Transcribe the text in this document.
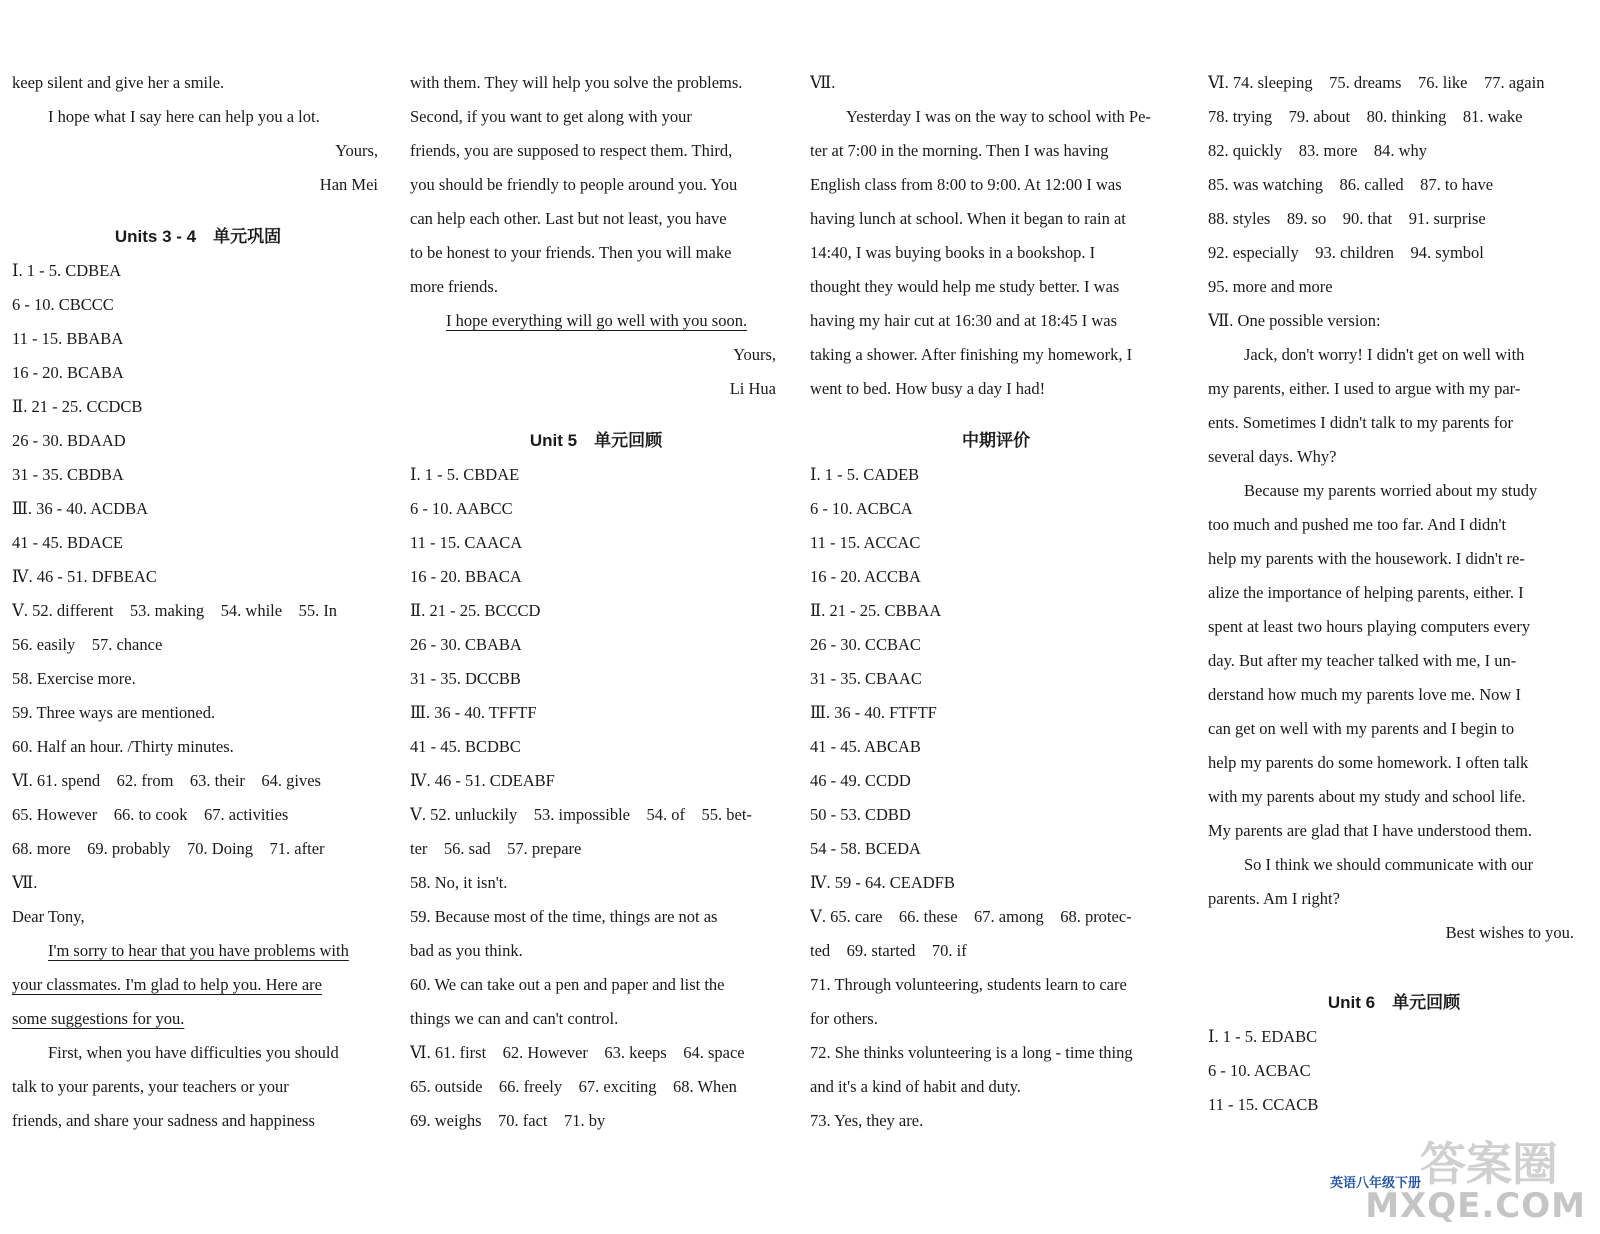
keep silent and give her a smile.
I hope what I say here can help you a lot.
Yours,
Han Mei
Units 3 - 4　单元巩固
Ⅰ. 1 - 5. CDBEA
6 - 10. CBCCC
11 - 15. BBABA
16 - 20. BCABA
Ⅱ. 21 - 25. CCDCB
26 - 30. BDAAD
31 - 35. CBDBA
Ⅲ. 36 - 40. ACDBA
41 - 45. BDACE
Ⅳ. 46 - 51. DFBEAC
Ⅴ. 52. different　53. making　54. while　55. In
56. easily　57. chance
58. Exercise more.
59. Three ways are mentioned.
60. Half an hour. /Thirty minutes.
Ⅵ. 61. spend　62. from　63. their　64. gives
65. However　66. to cook　67. activities
68. more　69. probably　70. Doing　71. after
Ⅶ.
Dear Tony,
I'm sorry to hear that you have problems with
your classmates. I'm glad to help you. Here are
some suggestions for you.
First, when you have difficulties you should
talk to your parents, your teachers or your
friends, and share your sadness and happiness
with them. They will help you solve the problems.
Second, if you want to get along with your
friends, you are supposed to respect them. Third,
you should be friendly to people around you. You
can help each other. Last but not least, you have
to be honest to your friends. Then you will make
more friends.
I hope everything will go well with you soon.
Yours,
Li Hua
Unit 5　单元回顾
Ⅰ. 1 - 5. CBDAE
6 - 10. AABCC
11 - 15. CAACA
16 - 20. BBACA
Ⅱ. 21 - 25. BCCCD
26 - 30. CBABA
31 - 35. DCCBB
Ⅲ. 36 - 40. TFFTF
41 - 45. BCDBC
Ⅳ. 46 - 51. CDEABF
Ⅴ. 52. unluckily　53. impossible　54. of　55. bet-
ter　56. sad　57. prepare
58. No, it isn't.
59. Because most of the time, things are not as
bad as you think.
60. We can take out a pen and paper and list the
things we can and can't control.
Ⅵ. 61. first　62. However　63. keeps　64. space
65. outside　66. freely　67. exciting　68. When
69. weighs　70. fact　71. by
Ⅶ.
Yesterday I was on the way to school with Pe-
ter at 7:00 in the morning. Then I was having
English class from 8:00 to 9:00. At 12:00 I was
having lunch at school. When it began to rain at
14:40, I was buying books in a bookshop. I
thought they would help me study better. I was
having my hair cut at 16:30 and at 18:45 I was
taking a shower. After finishing my homework, I
went to bed. How busy a day I had!
中期评价
Ⅰ. 1 - 5. CADEB
6 - 10. ACBCA
11 - 15. ACCAC
16 - 20. ACCBA
Ⅱ. 21 - 25. CBBAA
26 - 30. CCBAC
31 - 35. CBAAC
Ⅲ. 36 - 40. FTFTF
41 - 45. ABCAB
46 - 49. CCDD
50 - 53. CDBD
54 - 58. BCEDA
Ⅳ. 59 - 64. CEADFB
Ⅴ. 65. care　66. these　67. among　68. protec-
ted　69. started　70. if
71. Through volunteering, students learn to care
for others.
72. She thinks volunteering is a long - time thing
and it's a kind of habit and duty.
73. Yes, they are.
Ⅵ. 74. sleeping　75. dreams　76. like　77. again
78. trying　79. about　80. thinking　81. wake
82. quickly　83. more　84. why
85. was watching　86. called　87. to have
88. styles　89. so　90. that　91. surprise
92. especially　93. children　94. symbol
95. more and more
Ⅶ. One possible version:
Jack, don't worry! I didn't get on well with
my parents, either. I used to argue with my par-
ents. Sometimes I didn't talk to my parents for
several days. Why?
Because my parents worried about my study
too much and pushed me too far. And I didn't
help my parents with the housework. I didn't re-
alize the importance of helping parents, either. I
spent at least two hours playing computers every
day. But after my teacher talked with me, I un-
derstand how much my parents love me. Now I
can get on well with my parents and I begin to
help my parents do some homework. I often talk
with my parents about my study and school life.
My parents are glad that I have understood them.
So I think we should communicate with our
parents. Am I right?
Best wishes to you.
Unit 6　单元回顾
Ⅰ. 1 - 5. EDABC
6 - 10. ACBAC
11 - 15. CCACB
英语八年级下册
答案圈
MXQE.COM
